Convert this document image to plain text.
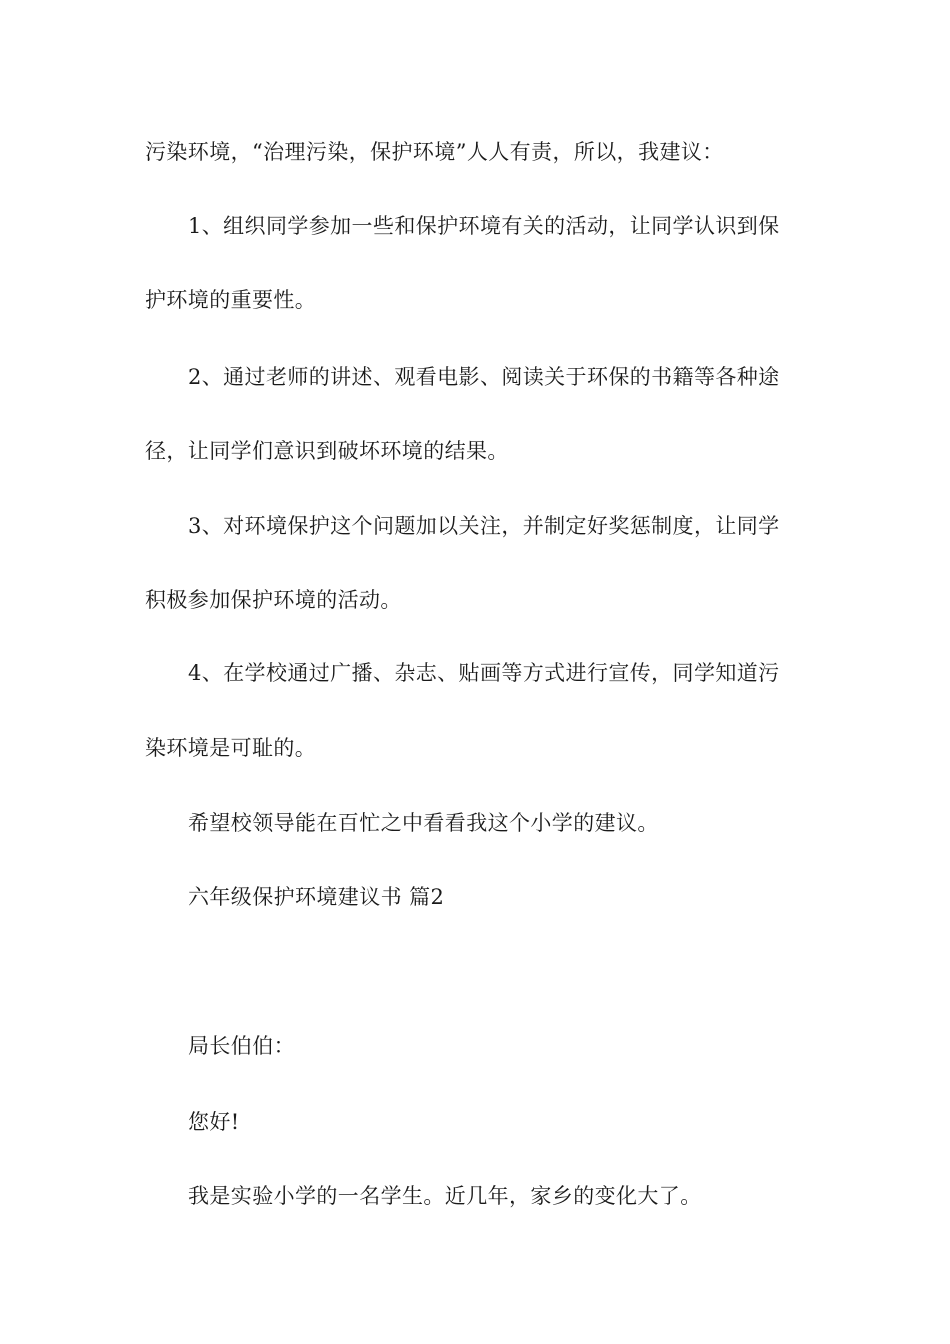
污染环境，“治理污染，保护环境”人人有责，所以，我建议：
1、组织同学参加一些和保护环境有关的活动，让同学认识到保
护环境的重要性。
2、通过老师的讲述、观看电影、阅读关于环保的书籍等各种途
径，让同学们意识到破坏环境的结果。
3、对环境保护这个问题加以关注，并制定好奖惩制度，让同学
积极参加保护环境的活动。
4、在学校通过广播、杂志、贴画等方式进行宣传，同学知道污
染环境是可耻的。
希望校领导能在百忙之中看看我这个小学的建议。
六年级保护环境建议书 篇2
局长伯伯：
您好!
我是实验小学的一名学生。近几年，家乡的变化大了。
